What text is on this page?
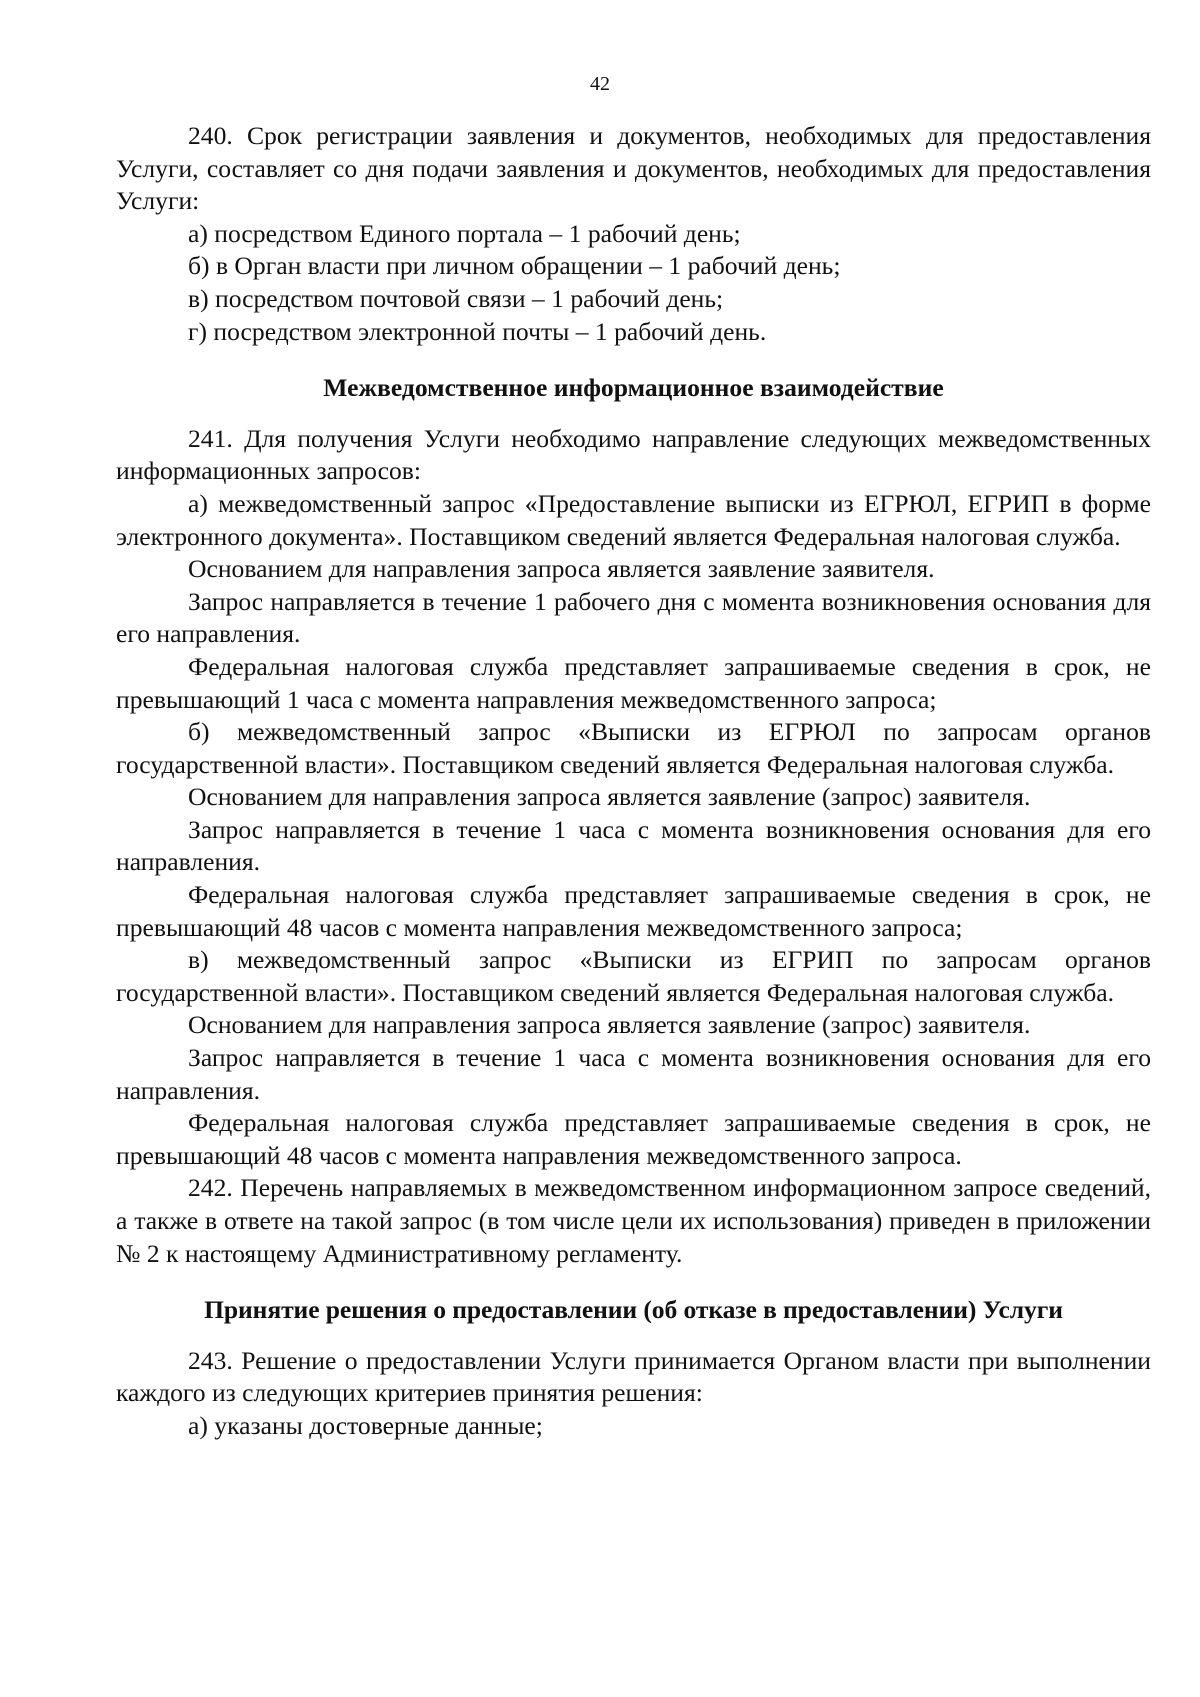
42

240. Срок регистрации заявления и документов, необходимых для предоставления Услуги, составляет со дня подачи заявления и документов, необходимых для предоставления Услуги:

а) посредством Единого портала – 1 рабочий день;

б) в Орган власти при личном обращении – 1 рабочий день;

в) посредством почтовой связи – 1 рабочий день;

г) посредством электронной почты – 1 рабочий день.

Межведомственное информационное взаимодействие

241. Для получения Услуги необходимо направление следующих межведомственных информационных запросов:

а) межведомственный запрос «Предоставление выписки из ЕГРЮЛ, ЕГРИП в форме электронного документа». Поставщиком сведений является Федеральная налоговая служба.

Основанием для направления запроса является заявление заявителя.

Запрос направляется в течение 1 рабочего дня с момента возникновения основания для его направления.

Федеральная налоговая служба представляет запрашиваемые сведения в срок, не превышающий 1 часа с момента направления межведомственного запроса;

б) межведомственный запрос «Выписки из ЕГРЮЛ по запросам органов государственной власти». Поставщиком сведений является Федеральная налоговая служба.

Основанием для направления запроса является заявление (запрос) заявителя.

Запрос направляется в течение 1 часа с момента возникновения основания для его направления.

Федеральная налоговая служба представляет запрашиваемые сведения в срок, не превышающий 48 часов с момента направления межведомственного запроса;

в) межведомственный запрос «Выписки из ЕГРИП по запросам органов государственной власти». Поставщиком сведений является Федеральная налоговая служба.

Основанием для направления запроса является заявление (запрос) заявителя.

Запрос направляется в течение 1 часа с момента возникновения основания для его направления.

Федеральная налоговая служба представляет запрашиваемые сведения в срок, не превышающий 48 часов с момента направления межведомственного запроса.

242. Перечень направляемых в межведомственном информационном запросе сведений, а также в ответе на такой запрос (в том числе цели их использования) приведен в приложении № 2 к настоящему Административному регламенту.

Принятие решения о предоставлении (об отказе в предоставлении) Услуги

243. Решение о предоставлении Услуги принимается Органом власти при выполнении каждого из следующих критериев принятия решения:

а) указаны достоверные данные;
